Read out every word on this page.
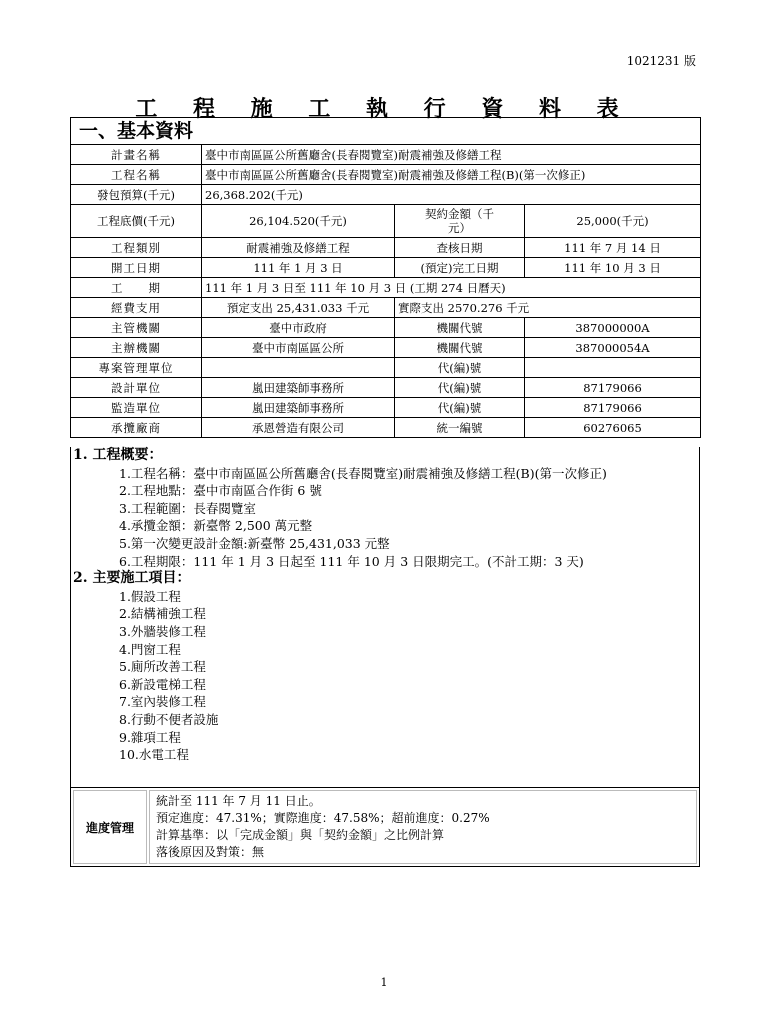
1021231 版
工 程 施 工 執 行 資 料 表
一、基本資料			
計畫名稱	臺中市南區區公所舊廳舍(長春閱覽室)耐震補強及修繕工程		
工程名稱	臺中市南區區公所舊廳舍(長春閱覽室)耐震補強及修繕工程(B)(第一次修正)		
發包預算(千元)	26,368.202(千元)		
工程底價(千元)	26,104.520(千元)	契約金額（千元）	25,000(千元)
工程類別	耐震補強及修繕工程	查核日期	111 年 7 月 14 日
開工日期	111 年 1 月 3 日	(預定)完工日期	111 年 10 月 3 日
工　　期	111 年 1 月 3 日至 111 年 10 月 3 日 (工期 274 日曆天)		
經費支用	預定支出 25,431.033 千元	實際支出 2570.276 千元	
主管機關	臺中市政府	機關代號	387000000A
主辦機關	臺中市南區區公所	機關代號	387000054A
專案管理單位		代(編)號	
設計單位	嵐田建築師事務所	代(編)號	87179066
監造單位	嵐田建築師事務所	代(編)號	87179066
承攬廠商	承恩營造有限公司	統一編號	60276065
1. 工程概要：
1.工程名稱：臺中市南區區公所舊廳舍(長春閱覽室)耐震補強及修繕工程(B)(第一次修正)
2.工程地點：臺中市南區合作街 6 號
3.工程範圍：長春閱覽室
4.承攬金額：新臺幣 2,500 萬元整
5.第一次變更設計金額:新臺幣 25,431,033 元整
6.工程期限：111 年 1 月 3 日起至 111 年 10 月 3 日限期完工。(不計工期：3 天)
2. 主要施工項目：
1.假設工程
2.結構補強工程
3.外牆裝修工程
4.門窗工程
5.廁所改善工程
6.新設電梯工程
7.室內裝修工程
8.行動不便者設施
9.雜項工程
10.水電工程
進度管理	
統計至 111 年 7 月 11 日止。
預定進度：47.31%；實際進度：47.58%；超前進度：0.27%
計算基準：以「完成金額」與「契約金額」之比例計算
落後原因及對策：無
1
